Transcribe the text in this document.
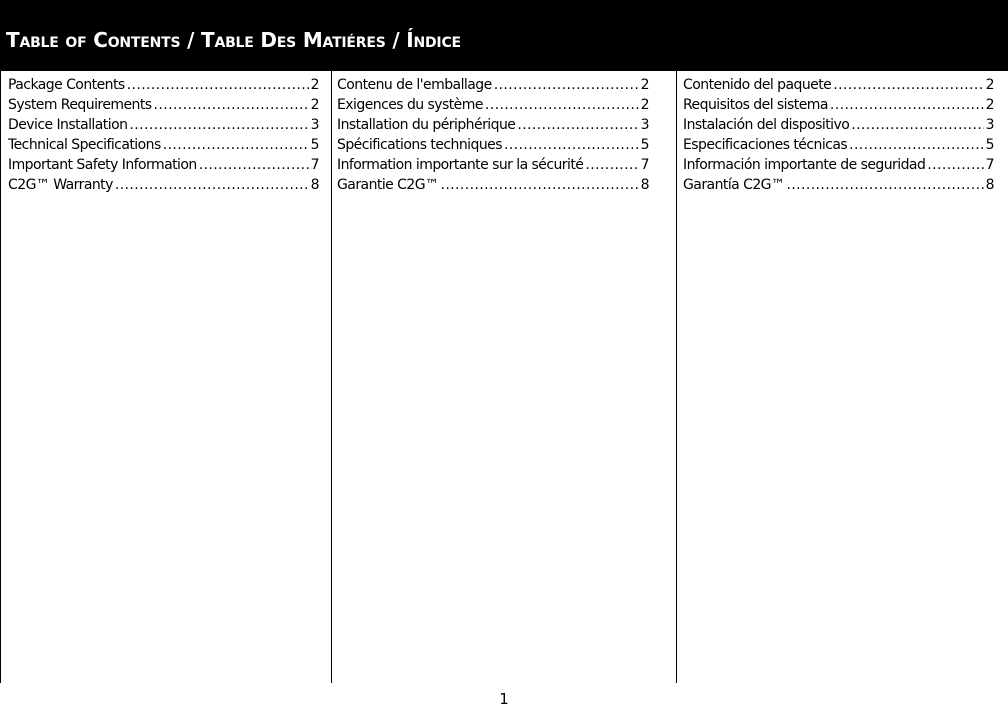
Table of Contents / Table Des Matiéres / Índice
Package Contents .....	2
System Requirements .....	2
Device Installation .....	3
Technical Specifications .....	5
Important Safety Information .....	7
C2G™ Warranty .....	8
Contenu de l'emballage .....	2
Exigences du système .....	2
Installation du périphérique .....	3
Spécifications techniques .....	5
Information importante sur la sécurité .....	7
Garantie C2G™ .....	8
Contenido del paquete .....	2
Requisitos del sistema .....	2
Instalación del dispositivo .....	3
Especificaciones técnicas .....	5
Información importante de seguridad .....	7
Garantía C2G™ .....	8
1
